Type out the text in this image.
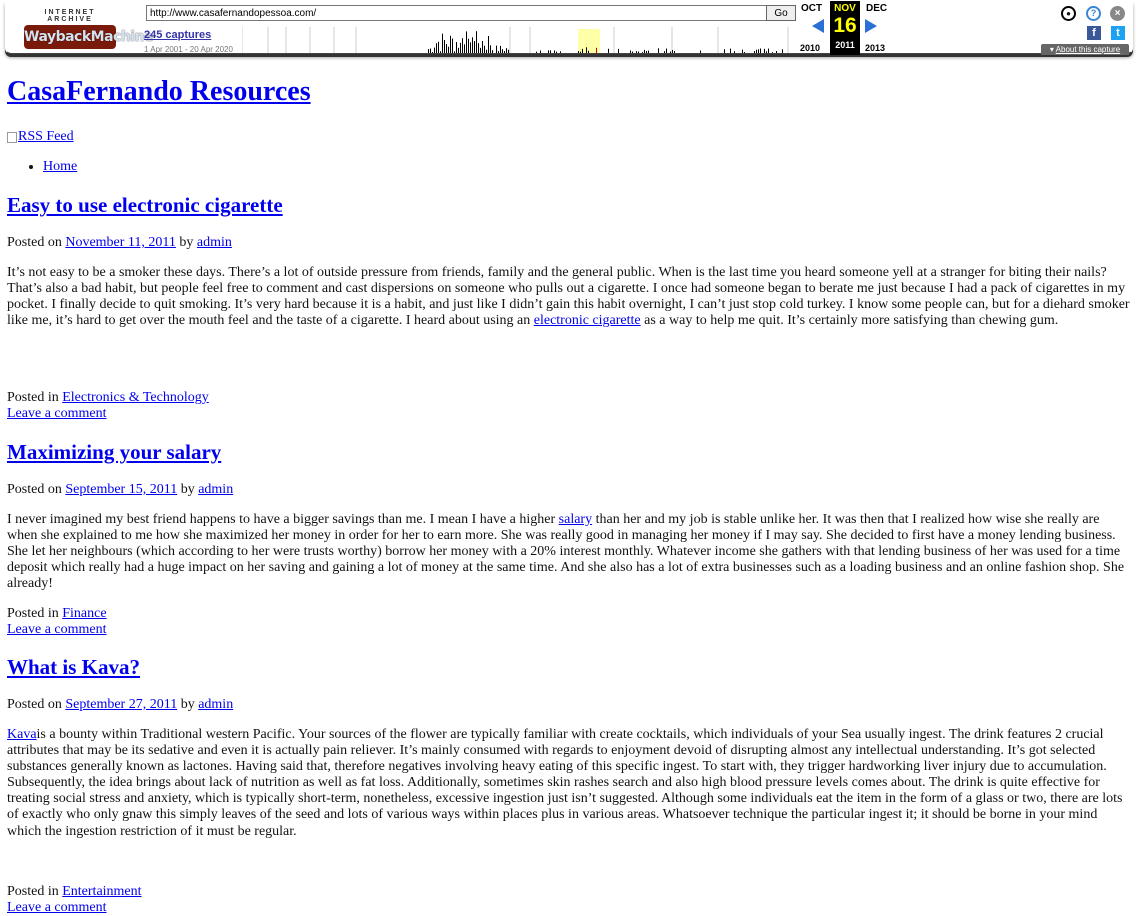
INTERNET ARCHIVE
WaybackMachine
http://www.casafernandopessoa.com/
Go
245 captures
1 Apr 2001 - 20 Apr 2020
OCT
2010
NOV
16
2011
DEC
2013
●	?	×
f	t
▾ About this capture
CasaFernando Resources
RSS Feed
• Home
Easy to use electronic cigarette
Posted on November 11, 2011 by admin

It’s not easy to be a smoker these days. There’s a lot of outside pressure from friends, family and the general public. When is the last time you heard someone yell at a stranger for biting their nails? That’s also a bad habit, but people feel free to comment and cast dispersions on someone who pulls out a cigarette. I once had someone began to berate me just because I had a pack of cigarettes in my pocket. I finally decide to quit smoking. It’s very hard because it is a habit, and just like I didn’t gain this habit overnight, I can’t just stop cold turkey. I know some people can, but for a diehard smoker like me, it’s hard to get over the mouth feel and the taste of a cigarette. I heard about using an electronic cigarette as a way to help me quit. It’s certainly more satisfying than chewing gum.

Posted in Electronics & Technology
Leave a comment
Maximizing your salary
Posted on September 15, 2011 by admin

I never imagined my best friend happens to have a bigger savings than me. I mean I have a higher salary than her and my job is stable unlike her. It was then that I realized how wise she really are when she explained to me how she maximized her money in order for her to earn more. She was really good in managing her money if I may say. She decided to first have a money lending business. She let her neighbours (which according to her were trusts worthy) borrow her money with a 20% interest monthly. Whatever income she gathers with that lending business of her was used for a time deposit which really had a huge impact on her saving and gaining a lot of money at the same time. And she also has a lot of extra businesses such as a loading business and an online fashion shop. She already!

Posted in Finance
Leave a comment
What is Kava?
Posted on September 27, 2011 by admin

Kavais a bounty within Traditional western Pacific. Your sources of the flower are typically familiar with create cocktails, which individuals of your Sea usually ingest. The drink features 2 crucial attributes that may be its sedative and even it is actually pain reliever. It’s mainly consumed with regards to enjoyment devoid of disrupting almost any intellectual understanding. It’s got selected substances generally known as lactones. Having said that, therefore negatives involving heavy eating of this specific ingest. To start with, they trigger hardworking liver injury due to accumulation. Subsequently, the idea brings about lack of nutrition as well as fat loss. Additionally, sometimes skin rashes search and also high blood pressure levels comes about. The drink is quite effective for treating social stress and anxiety, which is typically short-term, nonetheless, excessive ingestion just isn’t suggested. Although some individuals eat the item in the form of a glass or two, there are lots of exactly who only gnaw this simply leaves of the seed and lots of various ways within places plus in various areas. Whatsoever technique the particular ingest it; it should be borne in your mind which the ingestion restriction of it must be regular.

Posted in Entertainment
Leave a comment
